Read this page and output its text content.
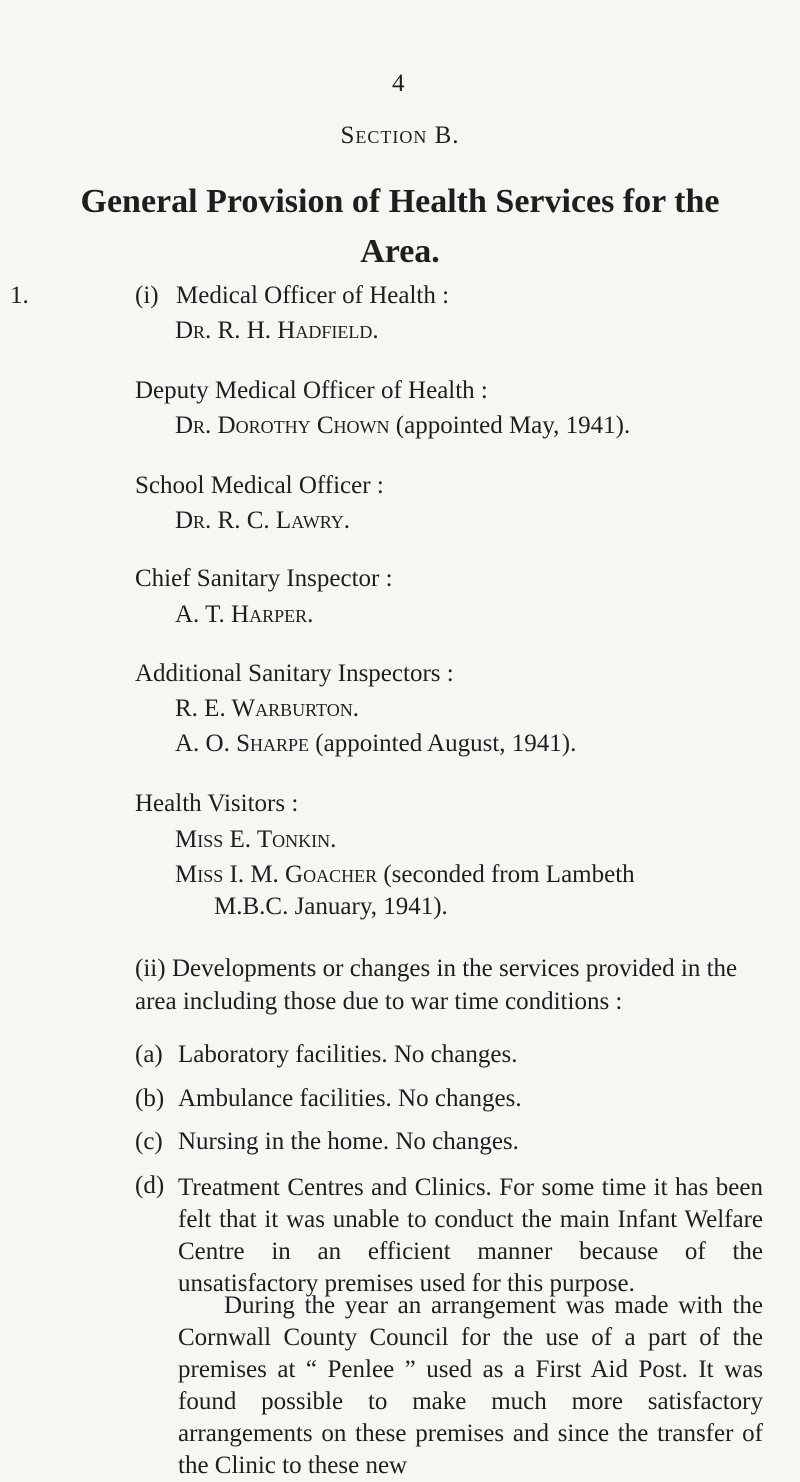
4
Section B.
General Provision of Health Services for the
Area.
1.	(i) Medical Officer of Health :
Dr. R. H. Hadfield.
Deputy Medical Officer of Health :
Dr. Dorothy Chown (appointed May, 1941).
School Medical Officer :
Dr. R. C. Lawry.
Chief Sanitary Inspector :
A. T. Harper.
Additional Sanitary Inspectors :
R. E. Warburton.
A. O. Sharpe (appointed August, 1941).
Health Visitors :
Miss E. Tonkin.
Miss I. M. Goacher (seconded from Lambeth
M.B.C. January, 1941).
(ii) Developments or changes in the services provided in the
area including those due to war time conditions :
(a) Laboratory facilities. No changes.
(b) Ambulance facilities. No changes.
(c) Nursing in the home. No changes.
(d) Treatment Centres and Clinics. For some time it has been felt that it was unable to conduct the main Infant Welfare Centre in an efficient manner because of the unsatisfactory premises used for this purpose.
During the year an arrangement was made with the Cornwall County Council for the use of a part of the premises at “ Penlee ” used as a First Aid Post. It was found possible to make much more satisfactory arrangements on these premises and since the transfer of the Clinic to these new
